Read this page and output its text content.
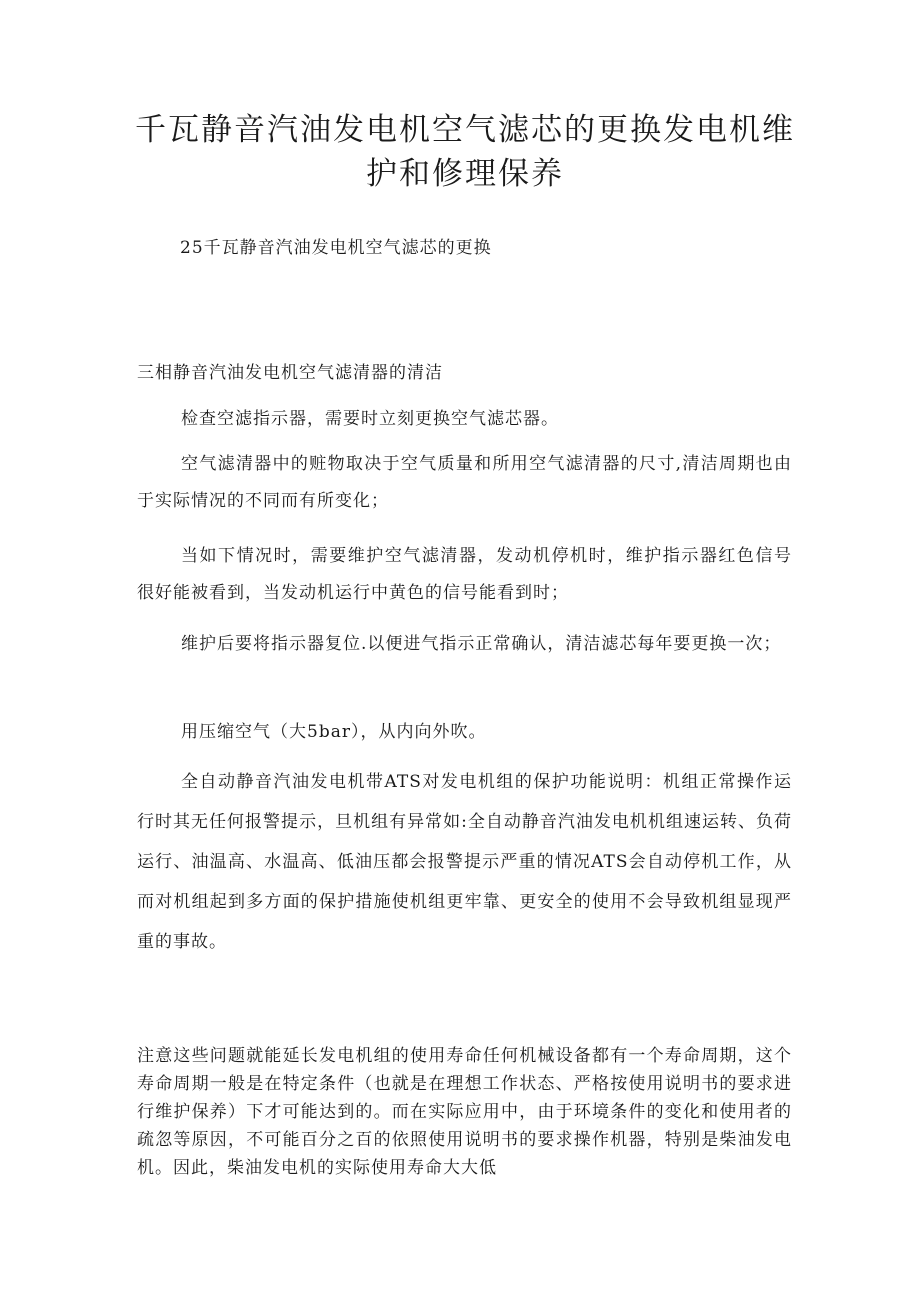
千瓦静音汽油发电机空气滤芯的更换发电机维护和修理保养

25千瓦静音汽油发电机空气滤芯的更换

三相静音汽油发电机空气滤清器的清洁

检查空滤指示器，需要时立刻更换空气滤芯器。

空气滤清器中的赃物取决于空气质量和所用空气滤清器的尺寸,清洁周期也由于实际情况的不同而有所变化；

当如下情况时，需要维护空气滤清器，发动机停机时，维护指示器红色信号很好能被看到，当发动机运行中黄色的信号能看到时；

维护后要将指示器复位.以便进气指示正常确认，清洁滤芯每年要更换一次；

用压缩空气（大5bar），从内向外吹。

全自动静音汽油发电机带ATS对发电机组的保护功能说明：机组正常操作运行时其无任何报警提示，旦机组有异常如:全自动静音汽油发电机机组速运转、负荷运行、油温高、水温高、低油压都会报警提示严重的情况ATS会自动停机工作，从而对机组起到多方面的保护措施使机组更牢靠、更安全的使用不会导致机组显现严重的事故。

注意这些问题就能延长发电机组的使用寿命任何机械设备都有一个寿命周期，这个寿命周期一般是在特定条件（也就是在理想工作状态、严格按使用说明书的要求进行维护保养）下才可能达到的。而在实际应用中，由于环境条件的变化和使用者的疏忽等原因，不可能百分之百的依照使用说明书的要求操作机器，特别是柴油发电机。因此，柴油发电机的实际使用寿命大大低
